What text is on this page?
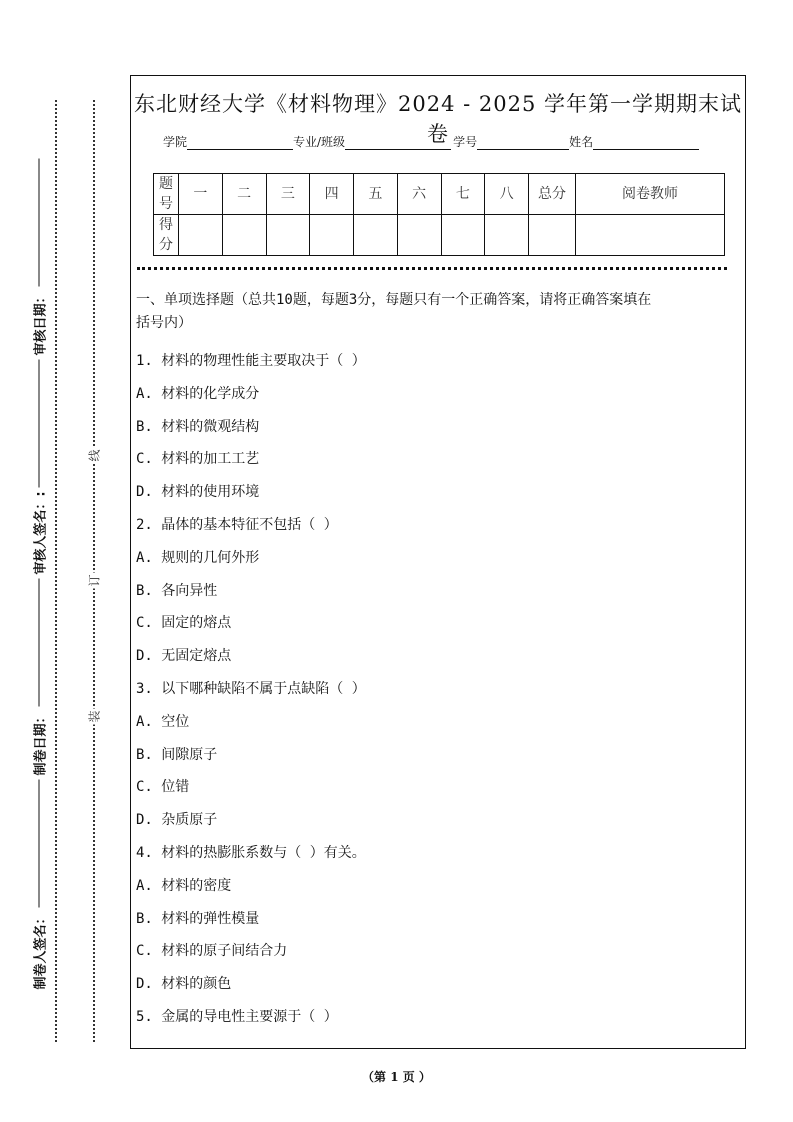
装
订
线
制卷人签名：
制卷日期：
审核人签名：:
审核日期：
东北财经大学《材料物理》2024 - 2025 学年第一学期期末试卷
学院	专业/班级	学号	姓名
题号	一	二	三	四	五	六	七	八	总分	阅卷教师
得分										
一、单项选择题（总共10题，每题3分，每题只有一个正确答案，请将正确答案填在
括号内）
1. 材料的物理性能主要取决于（ ）
A. 材料的化学成分
B. 材料的微观结构
C. 材料的加工工艺
D. 材料的使用环境
2. 晶体的基本特征不包括（ ）
A. 规则的几何外形
B. 各向异性
C. 固定的熔点
D. 无固定熔点
3. 以下哪种缺陷不属于点缺陷（ ）
A. 空位
B. 间隙原子
C. 位错
D. 杂质原子
4. 材料的热膨胀系数与（ ）有关。
A. 材料的密度
B. 材料的弹性模量
C. 材料的原子间结合力
D. 材料的颜色
5. 金属的导电性主要源于（ ）
（第 1 页 ）
